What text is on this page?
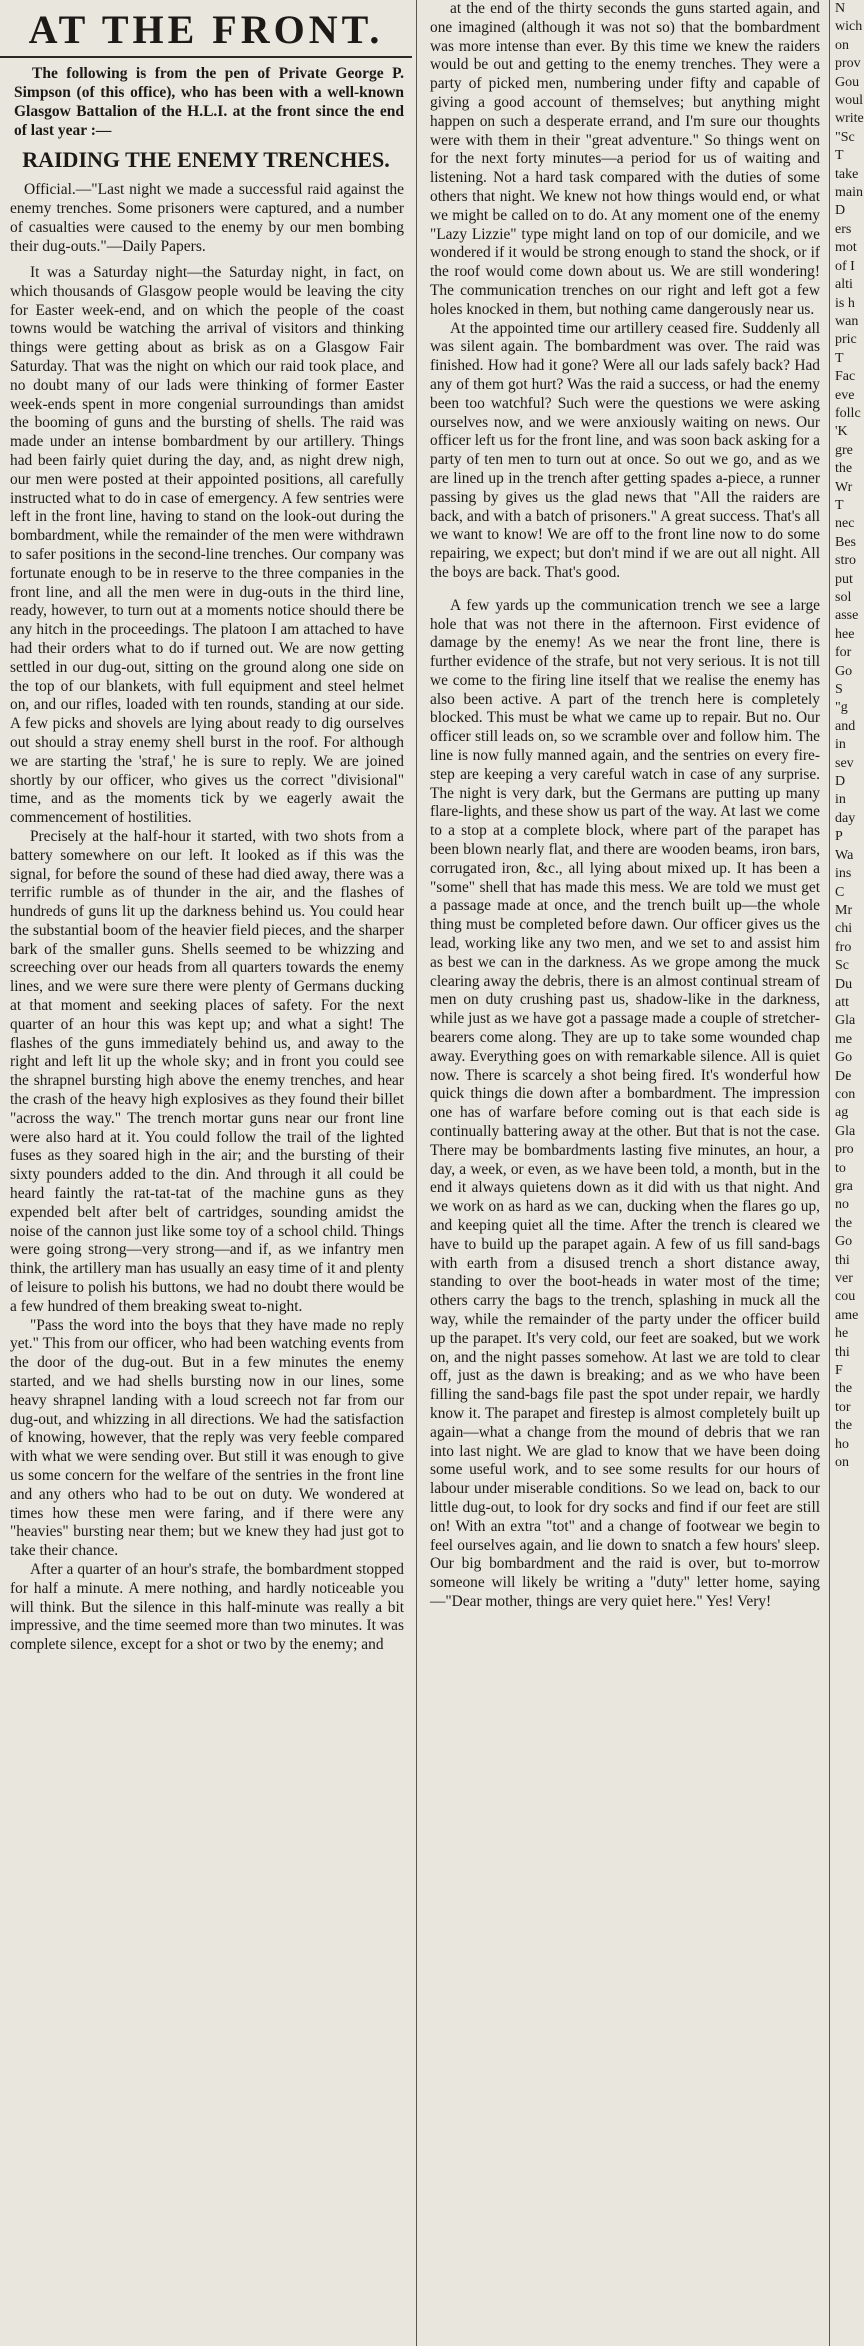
N
wich
on
prov
Gou
woul
write
"Sc
T
take
main
D
ers
mot
of I
alti
is h
wan
pric
T
Fac
eve
follc
'K
gre
the
Wr
T
nec
Bes
stro
put
sol
asse
hee
for
Go
S
"g
and
in
sev
D
in
day
P
Wa
ins
C
Mr
chi
fro
Sc
Du
att
Gla
me
Go
De
con
ag
Gla
pro
to
gra
no
the
Go
thi
ver
cou
ame
he
thi
F
the
tor
the
ho
on
AT THE FRONT.

The following is from the pen of Private George P. Simpson (of this office), who has been with a well-known Glasgow Battalion of the H.L.I. at the front since the end of last year :—

RAIDING THE ENEMY TRENCHES.

Official.—"Last night we made a successful raid against the enemy trenches. Some prisoners were captured, and a number of casualties were caused to the enemy by our men bombing their dug-outs."—Daily Papers.

It was a Saturday night—the Saturday night, in fact, on which thousands of Glasgow people would be leaving the city for Easter week-end, and on which the people of the coast towns would be watching the arrival of visitors and thinking things were getting about as brisk as on a Glasgow Fair Saturday. That was the night on which our raid took place, and no doubt many of our lads were thinking of former Easter week-ends spent in more congenial surroundings than amidst the booming of guns and the bursting of shells. The raid was made under an intense bombardment by our artillery. Things had been fairly quiet during the day, and, as night drew nigh, our men were posted at their appointed positions, all carefully instructed what to do in case of emergency. A few sentries were left in the front line, having to stand on the look-out during the bombardment, while the remainder of the men were withdrawn to safer positions in the second-line trenches. Our company was fortunate enough to be in reserve to the three companies in the front line, and all the men were in dug-outs in the third line, ready, however, to turn out at a moments notice should there be any hitch in the proceedings. The platoon I am attached to have had their orders what to do if turned out. We are now getting settled in our dug-out, sitting on the ground along one side on the top of our blankets, with full equipment and steel helmet on, and our rifles, loaded with ten rounds, standing at our side. A few picks and shovels are lying about ready to dig ourselves out should a stray enemy shell burst in the roof. For although we are starting the 'straf,' he is sure to reply. We are joined shortly by our officer, who gives us the correct "divisional" time, and as the moments tick by we eagerly await the commencement of hostilities.

Precisely at the half-hour it started, with two shots from a battery somewhere on our left. It looked as if this was the signal, for before the sound of these had died away, there was a terrific rumble as of thunder in the air, and the flashes of hundreds of guns lit up the darkness behind us. You could hear the substantial boom of the heavier field pieces, and the sharper bark of the smaller guns. Shells seemed to be whizzing and screeching over our heads from all quarters towards the enemy lines, and we were sure there were plenty of Germans ducking at that moment and seeking places of safety. For the next quarter of an hour this was kept up; and what a sight! The flashes of the guns immediately behind us, and away to the right and left lit up the whole sky; and in front you could see the shrapnel bursting high above the enemy trenches, and hear the crash of the heavy high explosives as they found their billet "across the way." The trench mortar guns near our front line were also hard at it. You could follow the trail of the lighted fuses as they soared high in the air; and the bursting of their sixty pounders added to the din. And through it all could be heard faintly the rat-tat-tat of the machine guns as they expended belt after belt of cartridges, sounding amidst the noise of the cannon just like some toy of a school child. Things were going strong—very strong—and if, as we infantry men think, the artillery man has usually an easy time of it and plenty of leisure to polish his buttons, we had no doubt there would be a few hundred of them breaking sweat to-night.

"Pass the word into the boys that they have made no reply yet." This from our officer, who had been watching events from the door of the dug-out. But in a few minutes the enemy started, and we had shells bursting now in our lines, some heavy shrapnel landing with a loud screech not far from our dug-out, and whizzing in all directions. We had the satisfaction of knowing, however, that the reply was very feeble compared with what we were sending over. But still it was enough to give us some concern for the welfare of the sentries in the front line and any others who had to be out on duty. We wondered at times how these men were faring, and if there were any "heavies" bursting near them; but we knew they had just got to take their chance.

After a quarter of an hour's strafe, the bombardment stopped for half a minute. A mere nothing, and hardly noticeable you will think. But the silence in this half-minute was really a bit impressive, and the time seemed more than two minutes. It was complete silence, except for a shot or two by the enemy; and

at the end of the thirty seconds the guns started again, and one imagined (although it was not so) that the bombardment was more intense than ever. By this time we knew the raiders would be out and getting to the enemy trenches. They were a party of picked men, numbering under fifty and capable of giving a good account of themselves; but anything might happen on such a desperate errand, and I'm sure our thoughts were with them in their "great adventure." So things went on for the next forty minutes—a period for us of waiting and listening. Not a hard task compared with the duties of some others that night. We knew not how things would end, or what we might be called on to do. At any moment one of the enemy "Lazy Lizzie" type might land on top of our domicile, and we wondered if it would be strong enough to stand the shock, or if the roof would come down about us. We are still wondering! The communication trenches on our right and left got a few holes knocked in them, but nothing came dangerously near us.

At the appointed time our artillery ceased fire. Suddenly all was silent again. The bombardment was over. The raid was finished. How had it gone? Were all our lads safely back? Had any of them got hurt? Was the raid a success, or had the enemy been too watchful? Such were the questions we were asking ourselves now, and we were anxiously waiting on news. Our officer left us for the front line, and was soon back asking for a party of ten men to turn out at once. So out we go, and as we are lined up in the trench after getting spades a-piece, a runner passing by gives us the glad news that "All the raiders are back, and with a batch of prisoners." A great success. That's all we want to know! We are off to the front line now to do some repairing, we expect; but don't mind if we are out all night. All the boys are back. That's good.

A few yards up the communication trench we see a large hole that was not there in the afternoon. First evidence of damage by the enemy! As we near the front line, there is further evidence of the strafe, but not very serious. It is not till we come to the firing line itself that we realise the enemy has also been active. A part of the trench here is completely blocked. This must be what we came up to repair. But no. Our officer still leads on, so we scramble over and follow him. The line is now fully manned again, and the sentries on every fire-step are keeping a very careful watch in case of any surprise. The night is very dark, but the Germans are putting up many flare-lights, and these show us part of the way. At last we come to a stop at a complete block, where part of the parapet has been blown nearly flat, and there are wooden beams, iron bars, corrugated iron, &c., all lying about mixed up. It has been a "some" shell that has made this mess. We are told we must get a passage made at once, and the trench built up—the whole thing must be completed before dawn. Our officer gives us the lead, working like any two men, and we set to and assist him as best we can in the darkness. As we grope among the muck clearing away the debris, there is an almost continual stream of men on duty crushing past us, shadow-like in the darkness, while just as we have got a passage made a couple of stretcher-bearers come along. They are up to take some wounded chap away. Everything goes on with remarkable silence. All is quiet now. There is scarcely a shot being fired. It's wonderful how quick things die down after a bombardment. The impression one has of warfare before coming out is that each side is continually battering away at the other. But that is not the case. There may be bombardments lasting five minutes, an hour, a day, a week, or even, as we have been told, a month, but in the end it always quietens down as it did with us that night. And we work on as hard as we can, ducking when the flares go up, and keeping quiet all the time. After the trench is cleared we have to build up the parapet again. A few of us fill sand-bags with earth from a disused trench a short distance away, standing to over the boot-heads in water most of the time; others carry the bags to the trench, splashing in muck all the way, while the remainder of the party under the officer build up the parapet. It's very cold, our feet are soaked, but we work on, and the night passes somehow. At last we are told to clear off, just as the dawn is breaking; and as we who have been filling the sand-bags file past the spot under repair, we hardly know it. The parapet and firestep is almost completely built up again—what a change from the mound of debris that we ran into last night. We are glad to know that we have been doing some useful work, and to see some results for our hours of labour under miserable conditions. So we lead on, back to our little dug-out, to look for dry socks and find if our feet are still on! With an extra "tot" and a change of footwear we begin to feel ourselves again, and lie down to snatch a few hours' sleep. Our big bombardment and the raid is over, but to-morrow someone will likely be writing a "duty" letter home, saying—"Dear mother, things are very quiet here." Yes! Very!
